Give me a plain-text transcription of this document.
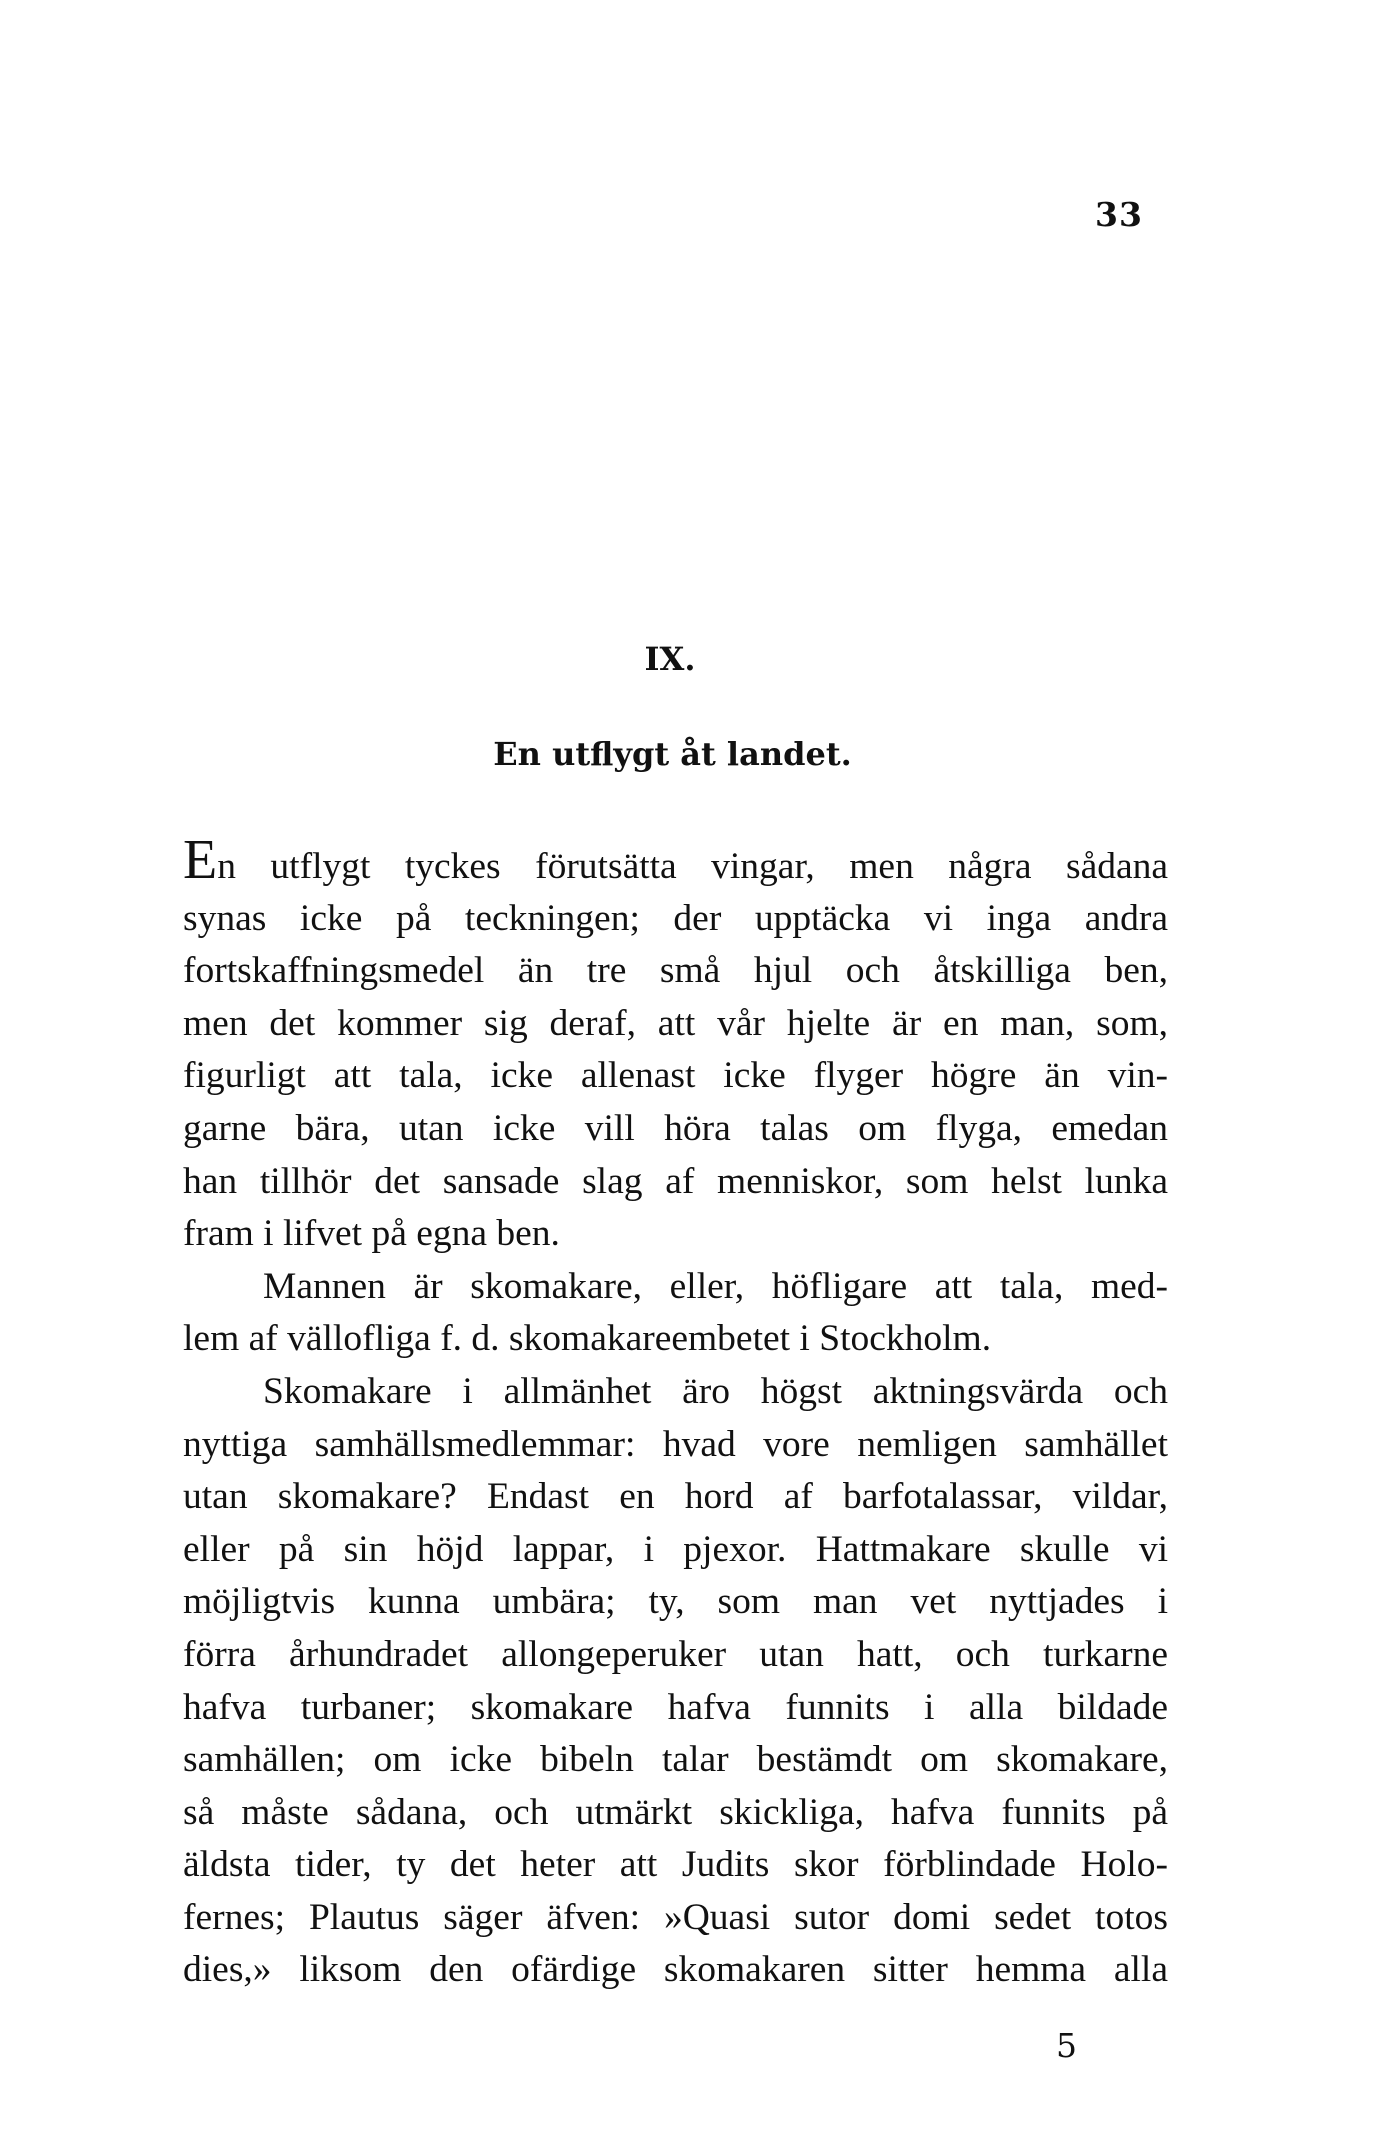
33
IX.
En utflygt åt landet.
En utflygt tyckes förutsätta vingar, men några sådana
synas icke på teckningen; der upptäcka vi inga andra
fortskaffningsmedel än tre små hjul och åtskilliga ben,
men det kommer sig deraf, att vår hjelte är en man, som,
figurligt att tala, icke allenast icke flyger högre än vin-
garne bära, utan icke vill höra talas om flyga, emedan
han tillhör det sansade slag af menniskor, som helst lunka
fram i lifvet på egna ben.
Mannen är skomakare, eller, höfligare att tala, med-
lem af vällofliga f. d. skomakareembetet i Stockholm.
Skomakare i allmänhet äro högst aktningsvärda och
nyttiga samhällsmedlemmar: hvad vore nemligen samhället
utan skomakare? Endast en hord af barfotalassar, vildar,
eller på sin höjd lappar, i pjexor. Hattmakare skulle vi
möjligtvis kunna umbära; ty, som man vet nyttjades i
förra århundradet allongeperuker utan hatt, och turkarne
hafva turbaner; skomakare hafva funnits i alla bildade
samhällen; om icke bibeln talar bestämdt om skomakare,
så måste sådana, och utmärkt skickliga, hafva funnits på
äldsta tider, ty det heter att Judits skor förblindade Holo-
fernes; Plautus säger äfven: »Quasi sutor domi sedet totos
dies,» liksom den ofärdige skomakaren sitter hemma alla
5
